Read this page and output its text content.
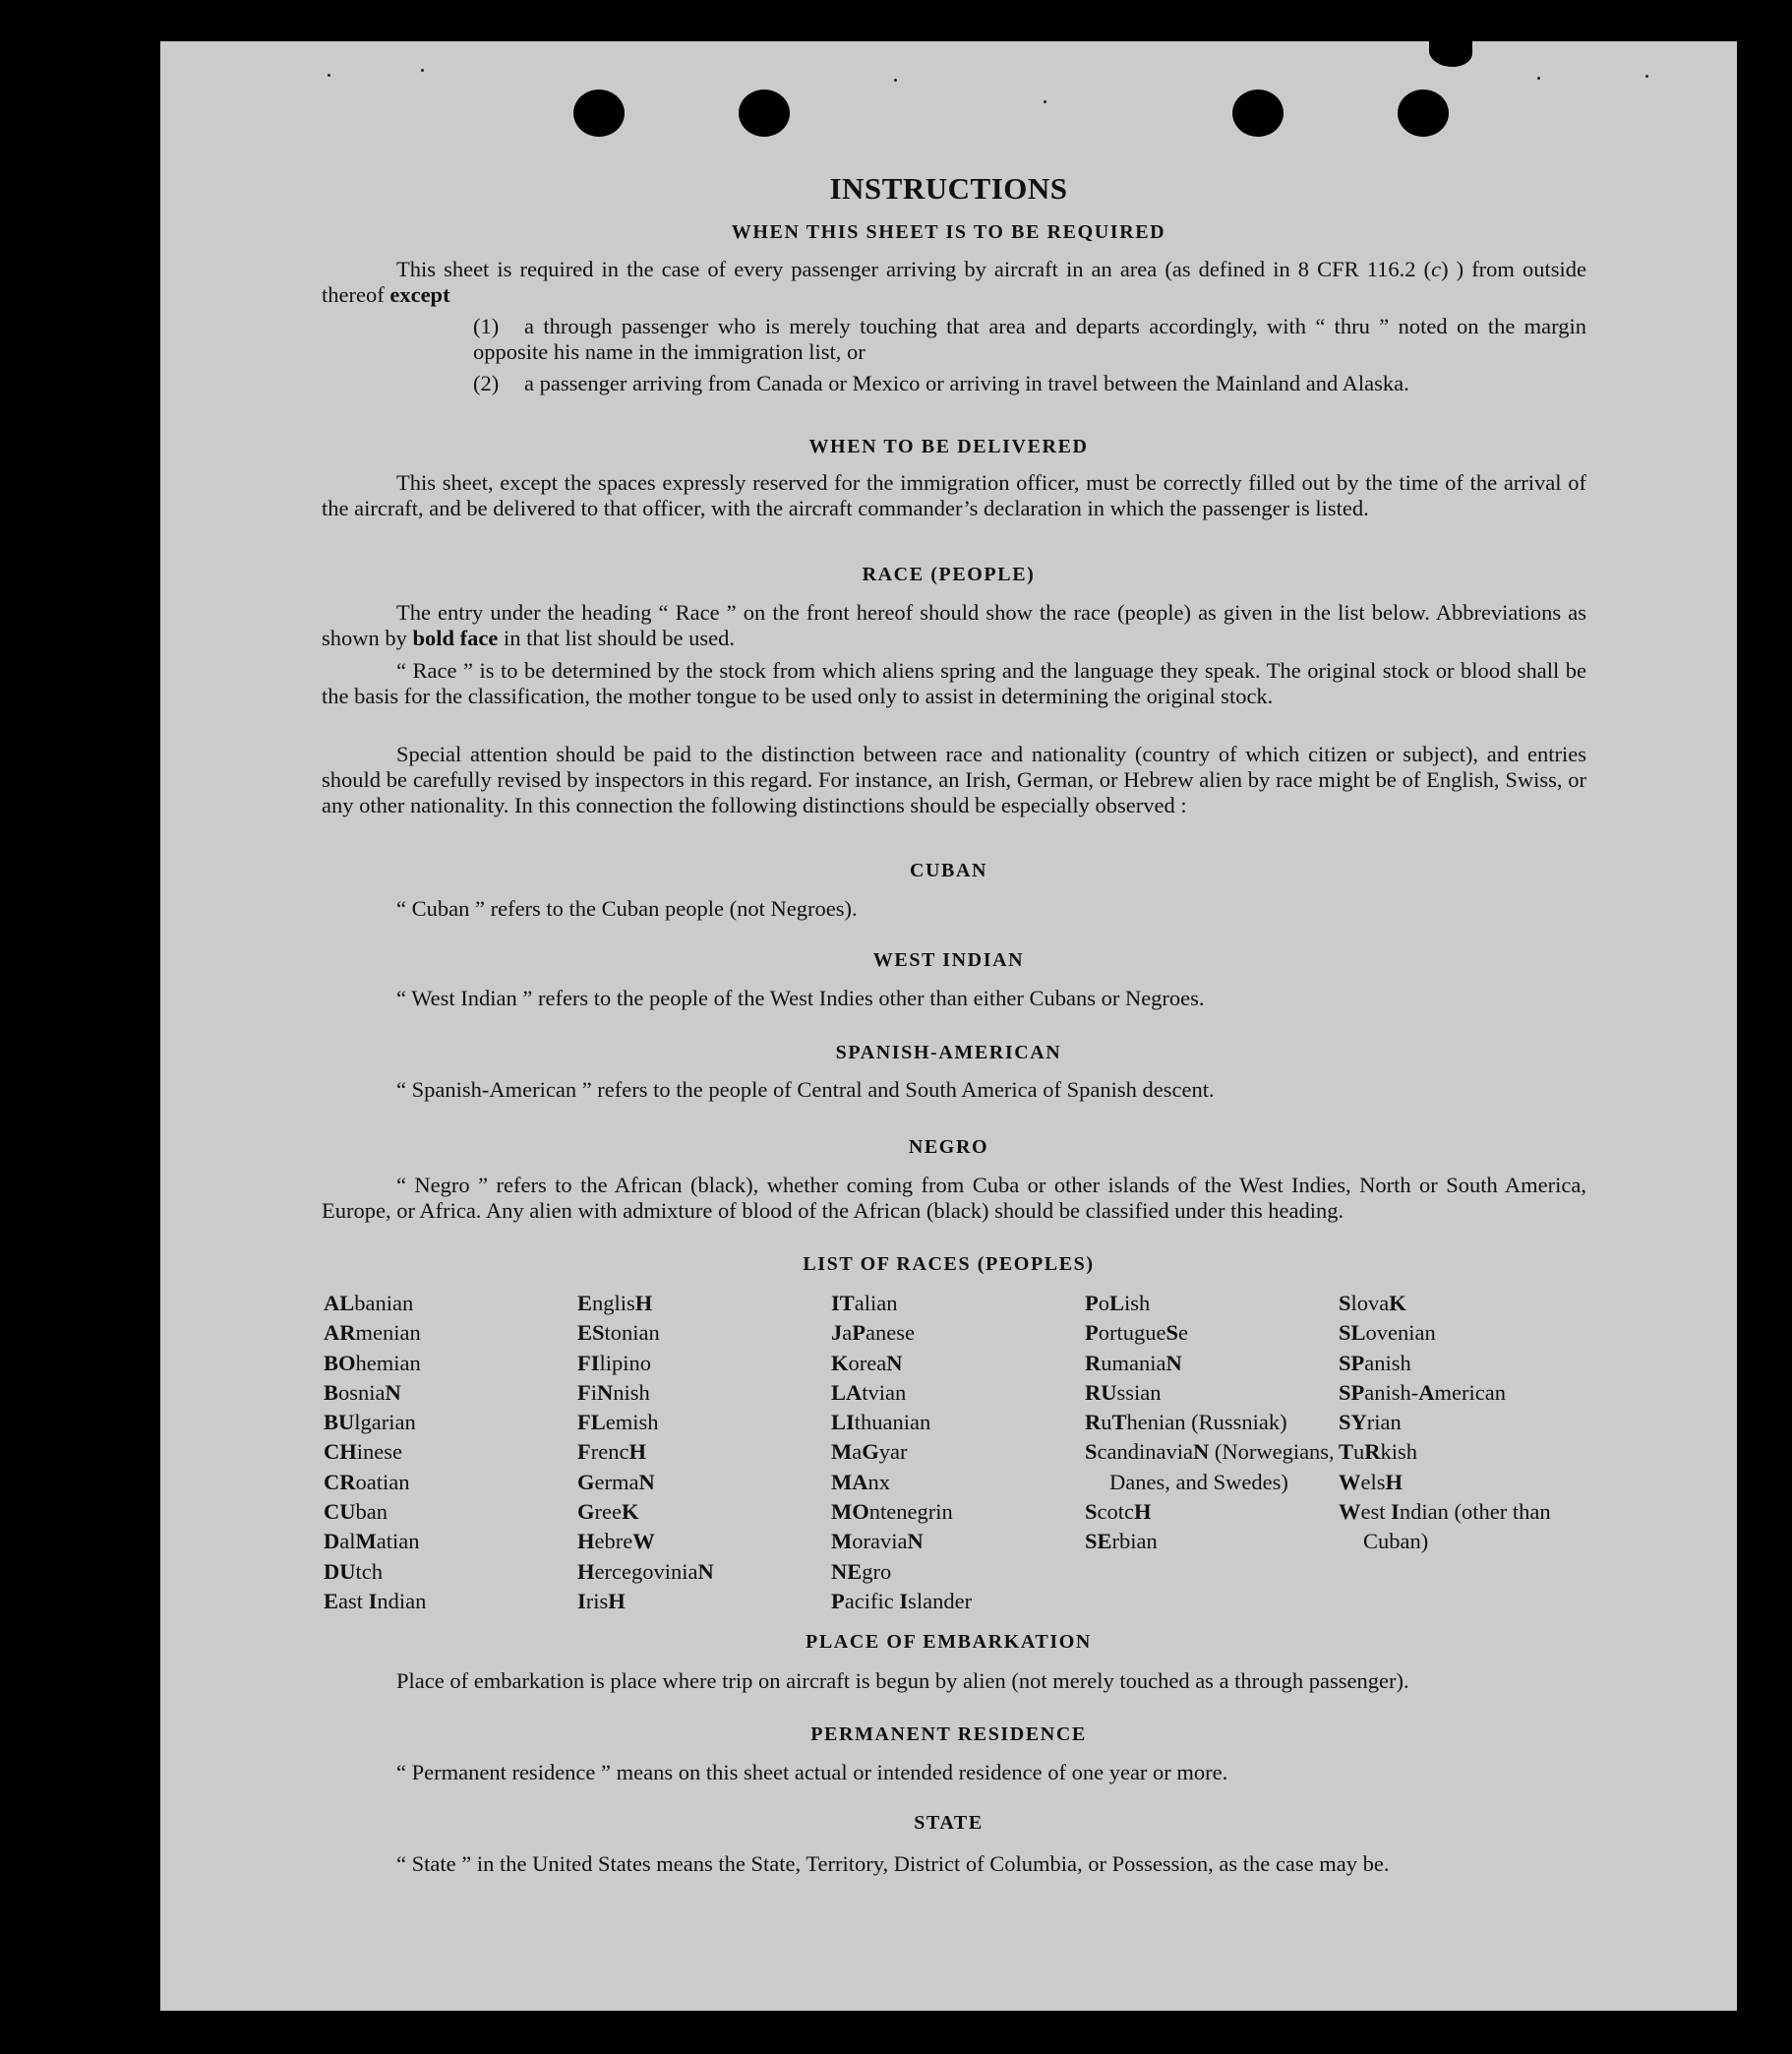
INSTRUCTIONS
WHEN THIS SHEET IS TO BE REQUIRED

This sheet is required in the case of every passenger arriving by aircraft in an area (as defined in 8 CFR 116.2 (c) ) from outside thereof except

(1) a through passenger who is merely touching that area and departs accordingly, with “ thru ” noted on the margin opposite his name in the immigration list, or

(2) a passenger arriving from Canada or Mexico or arriving in travel between the Mainland and Alaska.

WHEN TO BE DELIVERED

This sheet, except the spaces expressly reserved for the immigration officer, must be correctly filled out by the time of the arrival of the aircraft, and be delivered to that officer, with the aircraft commander’s declaration in which the passenger is listed.

RACE (PEOPLE)

The entry under the heading “ Race ” on the front hereof should show the race (people) as given in the list below. Abbreviations as shown by bold face in that list should be used.

“ Race ” is to be determined by the stock from which aliens spring and the language they speak. The original stock or blood shall be the basis for the classification, the mother tongue to be used only to assist in determining the original stock.

Special attention should be paid to the distinction between race and nationality (country of which citizen or subject), and entries should be carefully revised by inspectors in this regard. For instance, an Irish, German, or Hebrew alien by race might be of English, Swiss, or any other nationality. In this connection the following distinctions should be especially observed :

CUBAN

“ Cuban ” refers to the Cuban people (not Negroes).

WEST INDIAN

“ West Indian ” refers to the people of the West Indies other than either Cubans or Negroes.

SPANISH-AMERICAN

“ Spanish-American ” refers to the people of Central and South America of Spanish descent.

NEGRO

“ Negro ” refers to the African (black), whether coming from Cuba or other islands of the West Indies, North or South America, Europe, or Africa. Any alien with admixture of blood of the African (black) should be classified under this heading.

LIST OF RACES (PEOPLES)
ALbanian
ARmenian
BOhemian
BosniaN
BUlgarian
CHinese
CRoatian
CUban
DalMatian
DUtch
East Indian
EnglisH
EStonian
FIlipino
FiNnish
FLemish
FrencH
GermaN
GreeK
HebreW
HercegoviniaN
IrisH
ITalian
JaPanese
KoreaN
LAtvian
LIthuanian
MaGyar
MAnx
MOntenegrin
MoraviaN
NEgro
Pacific Islander
PoLish
PortugueSe
RumaniaN
RUssian
RuThenian (Russniak)
ScandinaviaN (Norwegians, Danes, and Swedes)
ScotcH
SErbian
SlovaK
SLovenian
SPanish
SPanish-American
SYrian
TuRkish
WelsH
West Indian (other than Cuban)
PLACE OF EMBARKATION

Place of embarkation is place where trip on aircraft is begun by alien (not merely touched as a through passenger).

PERMANENT RESIDENCE

“ Permanent residence ” means on this sheet actual or intended residence of one year or more.

STATE

“ State ” in the United States means the State, Territory, District of Columbia, or Possession, as the case may be.
